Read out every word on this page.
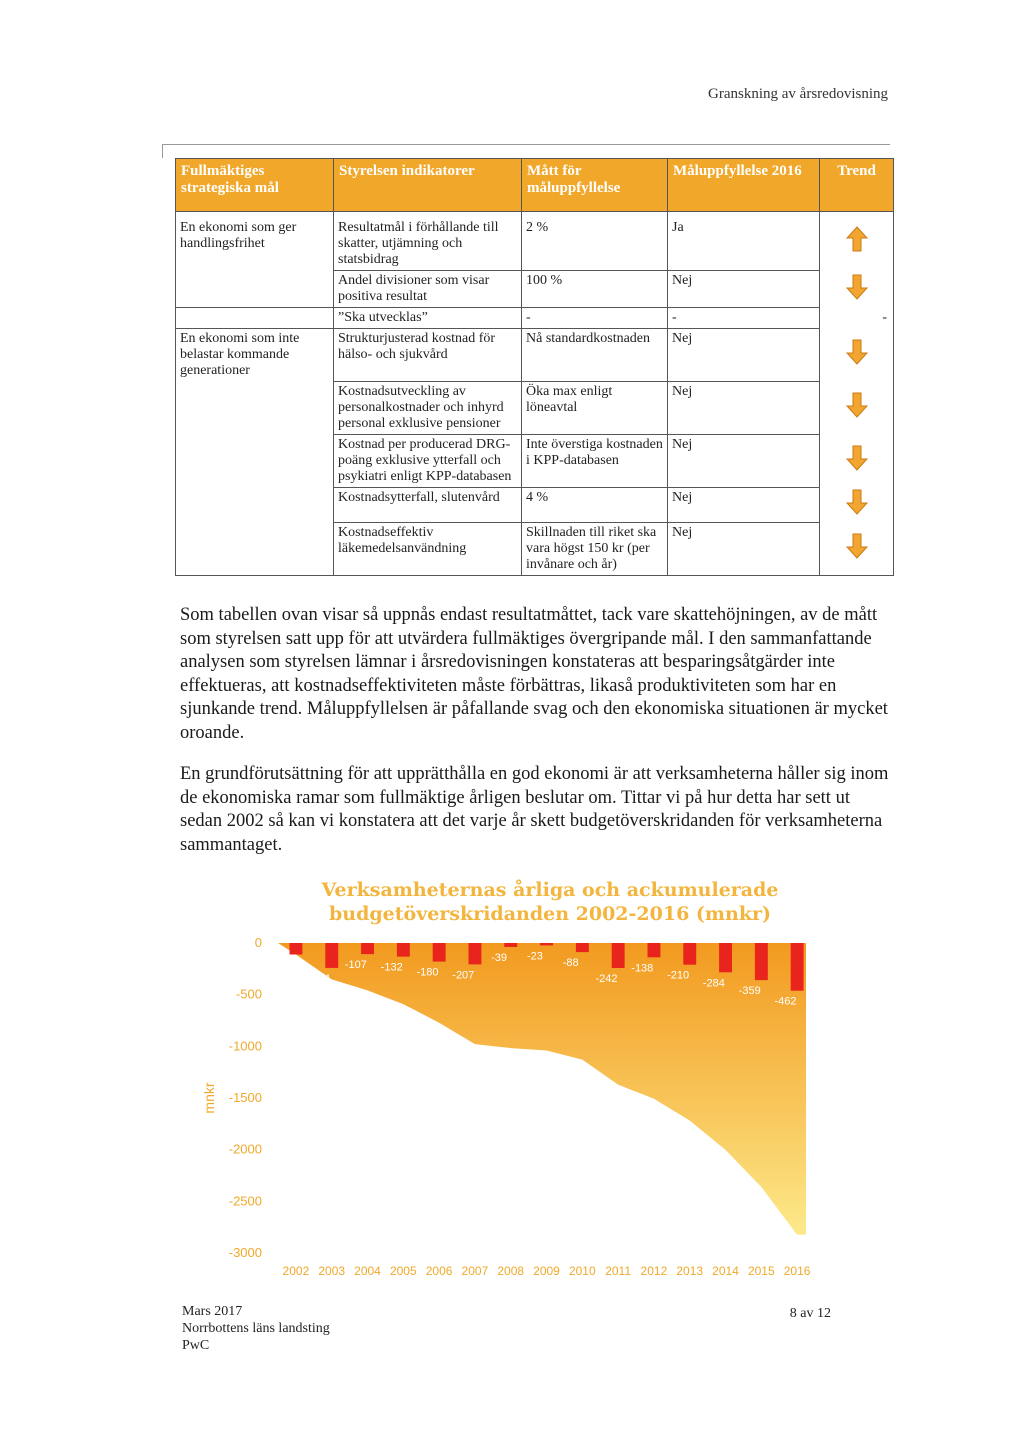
Granskning av årsredovisning
Fullmäktiges strategiska mål	Styrelsen indikatorer	Mått för måluppfyllelse	Måluppfyllelse 2016	Trend
En ekonomi som ger handlingsfrihet	Resultatmål i förhållande till skatter, utjämning och statsbidrag	2 %	Ja	
	Andel divisioner som visar positiva resultat	100 %	Nej	
	”Ska utvecklas”	-	-	-

En ekonomi som inte belastar kommande generationer	Strukturjusterad kostnad för hälso- och sjukvård	Nå standardkostnaden	Nej	
	Kostnadsutveckling av personalkostnader och inhyrd personal exklusive pensioner	Öka max enligt löneavtal	Nej	
	Kostnad per producerad DRG-poäng exklusive ytterfall och psykiatri enligt KPP-databasen	Inte överstiga kostnaden i KPP-databasen	Nej	
	Kostnadsytterfall, slutenvård	4 %	Nej	
	Kostnadseffektiv läkemedelsanvändning	Skillnaden till riket ska vara högst 150 kr (per invånare och år)	Nej	

Som tabellen ovan visar så uppnås endast resultatmåttet, tack vare skattehöjningen, av de mått som styrelsen satt upp för att utvärdera fullmäktiges övergripande mål. I den sammanfattande analysen som styrelsen lämnar i årsredovisningen konstateras att besparingsåtgärder inte effektueras, att kostnadseffektiviteten måste förbättras, likaså produktiviteten som har en sjunkande trend. Måluppfyllelsen är påfallande svag och den ekonomiska situationen är mycket oroande.

En grundförutsättning för att upprätthålla en god ekonomi är att verksamheterna håller sig inom de ekonomiska ramar som fullmäktige årligen beslutar om. Tittar vi på hur detta har sett ut sedan 2002 så kan vi konstatera att det varje år skett budgetöverskridanden för verksamheterna sammantaget.

Verksamheternas årliga och ackumulerade budgetöverskridanden 2002-2016 (mnkr)
-111
-241
-107 -132 -180 -207
-39 -23
-88
-242
-138
-210
-284
-359
-462
0
-500
-1000
-1500
-2000
-2500
-3000
mnkr
2002 2003 2004 2005 2006 2007 2008 2009 2010 2011 2012 2013 2014 2015 2016
Mars 2017
Norrbottens läns landsting
PwC
8 av 12
